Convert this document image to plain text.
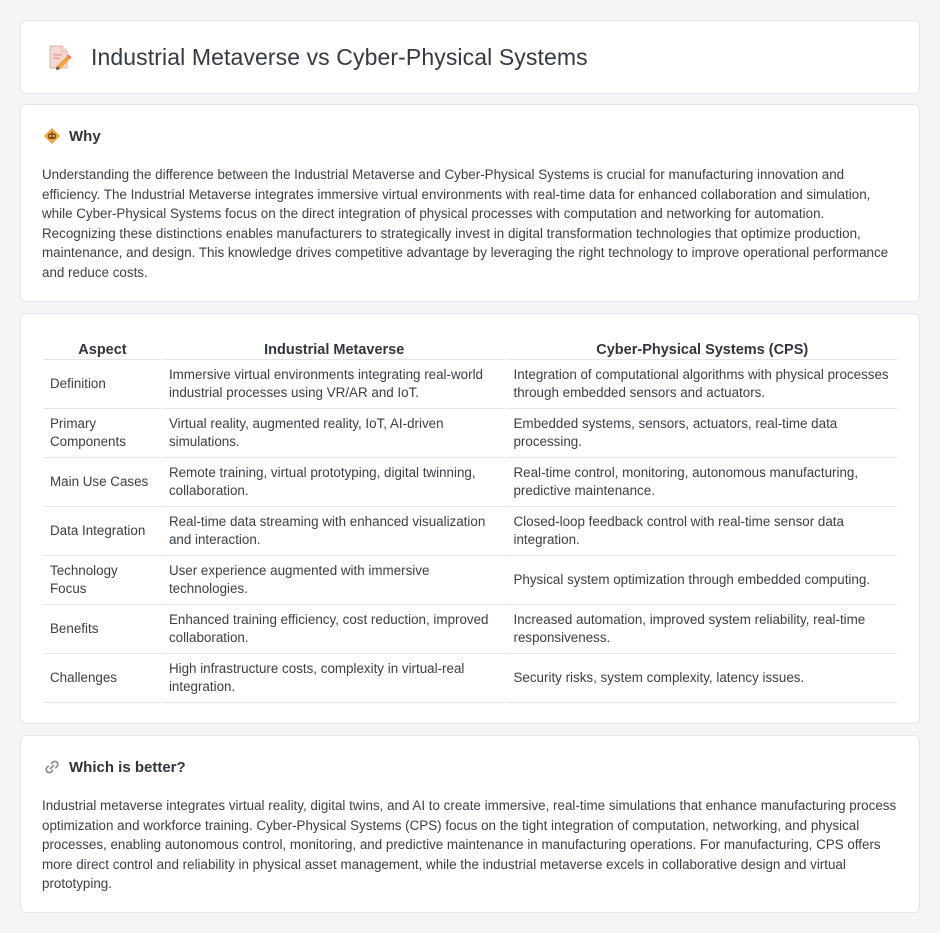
Industrial Metaverse vs Cyber-Physical Systems
Why

Understanding the difference between the Industrial Metaverse and Cyber-Physical Systems is crucial for manufacturing innovation and efficiency. The Industrial Metaverse integrates immersive virtual environments with real-time data for enhanced collaboration and simulation, while Cyber-Physical Systems focus on the direct integration of physical processes with computation and networking for automation. Recognizing these distinctions enables manufacturers to strategically invest in digital transformation technologies that optimize production, maintenance, and design. This knowledge drives competitive advantage by leveraging the right technology to improve operational performance and reduce costs.

Aspect	Industrial Metaverse	Cyber-Physical Systems (CPS)
Definition	Immersive virtual environments integrating real-world industrial processes using VR/AR and IoT.	Integration of computational algorithms with physical processes through embedded sensors and actuators.
Primary Components	Virtual reality, augmented reality, IoT, AI-driven simulations.	Embedded systems, sensors, actuators, real-time data processing.
Main Use Cases	Remote training, virtual prototyping, digital twinning, collaboration.	Real-time control, monitoring, autonomous manufacturing, predictive maintenance.
Data Integration	Real-time data streaming with enhanced visualization and interaction.	Closed-loop feedback control with real-time sensor data integration.
Technology Focus	User experience augmented with immersive technologies.	Physical system optimization through embedded computing.
Benefits	Enhanced training efficiency, cost reduction, improved collaboration.	Increased automation, improved system reliability, real-time responsiveness.
Challenges	High infrastructure costs, complexity in virtual-real integration.	Security risks, system complexity, latency issues.
Which is better?

Industrial metaverse integrates virtual reality, digital twins, and AI to create immersive, real-time simulations that enhance manufacturing process optimization and workforce training. Cyber-Physical Systems (CPS) focus on the tight integration of computation, networking, and physical processes, enabling autonomous control, monitoring, and predictive maintenance in manufacturing operations. For manufacturing, CPS offers more direct control and reliability in physical asset management, while the industrial metaverse excels in collaborative design and virtual prototyping.
